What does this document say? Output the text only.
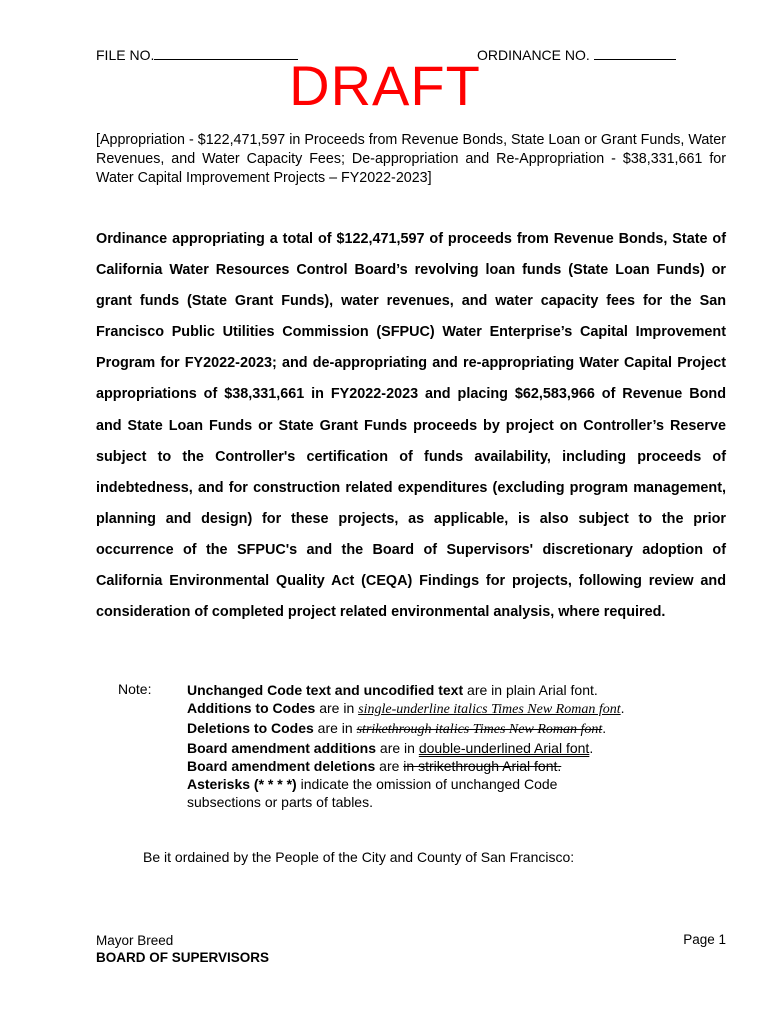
FILE NO.	ORDINANCE NO.
DRAFT
[Appropriation - $122,471,597 in Proceeds from Revenue Bonds, State Loan or Grant Funds, Water Revenues, and Water Capacity Fees; De-appropriation and Re-Appropriation - $38,331,661 for Water Capital Improvement Projects – FY2022-2023]
Ordinance appropriating a total of $122,471,597 of proceeds from Revenue Bonds, State of California Water Resources Control Board’s revolving loan funds (State Loan Funds) or grant funds (State Grant Funds), water revenues, and water capacity fees for the San Francisco Public Utilities Commission (SFPUC) Water Enterprise’s Capital Improvement Program for FY2022-2023; and de-appropriating and re-appropriating Water Capital Project appropriations of $38,331,661 in FY2022-2023 and placing $62,583,966 of Revenue Bond and State Loan Funds or State Grant Funds proceeds by project on Controller’s Reserve subject to the Controller's certification of funds availability, including proceeds of indebtedness, and for construction related expenditures (excluding program management, planning and design) for these projects, as applicable, is also subject to the prior occurrence of the SFPUC's and the Board of Supervisors' discretionary adoption of California Environmental Quality Act (CEQA) Findings for projects, following review and consideration of completed project related environmental analysis, where required.
Note:	Unchanged Code text and uncodified text are in plain Arial font.
Additions to Codes are in single-underline italics Times New Roman font.
Deletions to Codes are in strikethrough italics Times New Roman font.
Board amendment additions are in double-underlined Arial font.
Board amendment deletions are in strikethrough Arial font.
Asterisks (* * * *) indicate the omission of unchanged Code
subsections or parts of tables.
Be it ordained by the People of the City and County of San Francisco:
Mayor Breed
BOARD OF SUPERVISORS
Page 1
